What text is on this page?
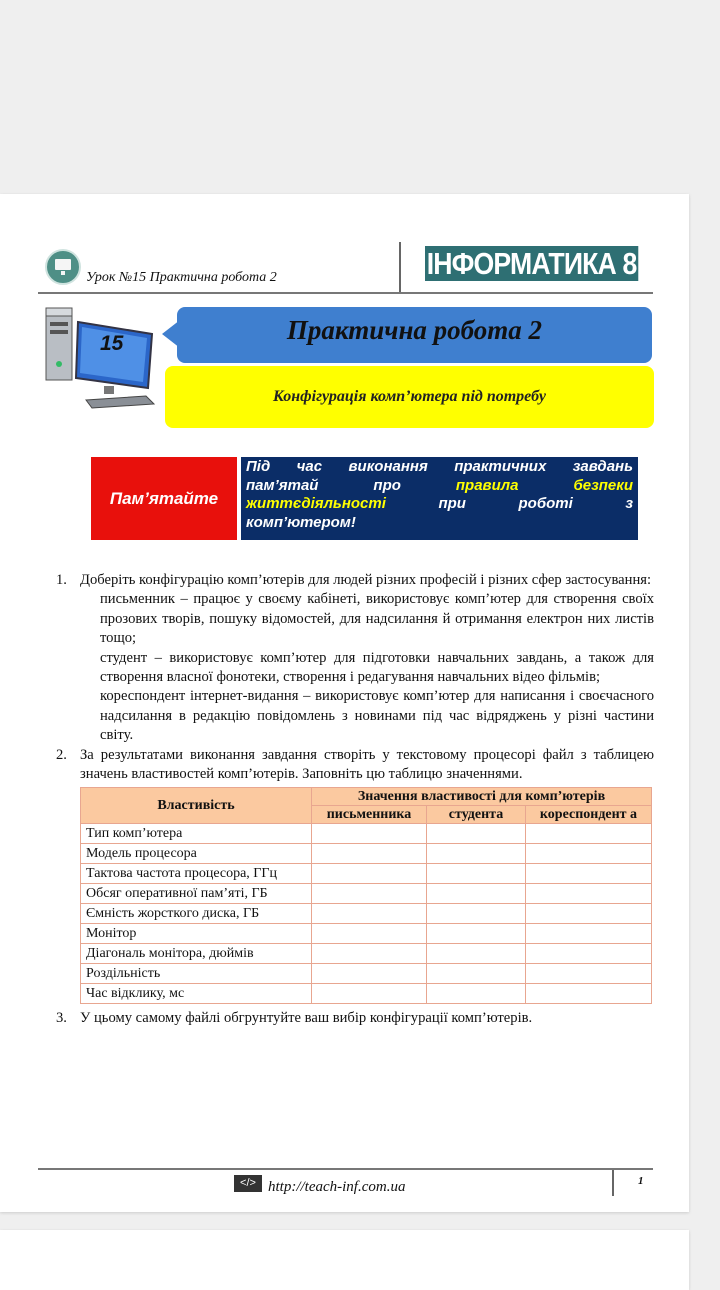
Урок №15 Практична робота 2	ІНФОРМАТИКА 8
15	Практична робота 2
Конфігурація комп’ютера під потребу
Пам’ятайте
Під час виконання практичних завдань
пам’ятай	про	правила	безпеки
життєдіяльності	при	роботі	з
комп’ютером!
1. Доберіть конфігурацію комп’ютерів для людей різних професій і різних сфер застосування:
письменник – працює у своєму кабінеті, використовує комп’ютер для створення своїх прозових творів, пошуку відомостей, для надсилання й отримання електрон них листів тощо;
студент – використовує комп’ютер для підготовки навчальних завдань, а також для створення власної фонотеки, створення і редагування навчальних відео фільмів;
кореспондент інтернет-видання – використовує комп’ютер для написання і своєчасного надсилання в редакцію повідомлень з новинами під час відряджень у різні частини світу.
2. За результатами виконання завдання створіть у текстовому процесорі файл з таблицею значень властивостей комп’ютерів. Заповніть цю таблицю значеннями.
Властивість	Значення властивості для комп’ютерів		
	письменника	студента	кореспондент а
Тип комп’ютера			
Модель процесора			
Тактова частота процесора, ГГц			
Обсяг оперативної пам’яті, ГБ			
Ємність жорсткого диска, ГБ			
Монітор			
Діагональ монітора, дюймів			
Роздільність			
Час відклику, мс			
3. У цьому самому файлі обгрунтуйте ваш вибір конфігурації комп’ютерів.
</> http://teach-inf.com.ua	1
